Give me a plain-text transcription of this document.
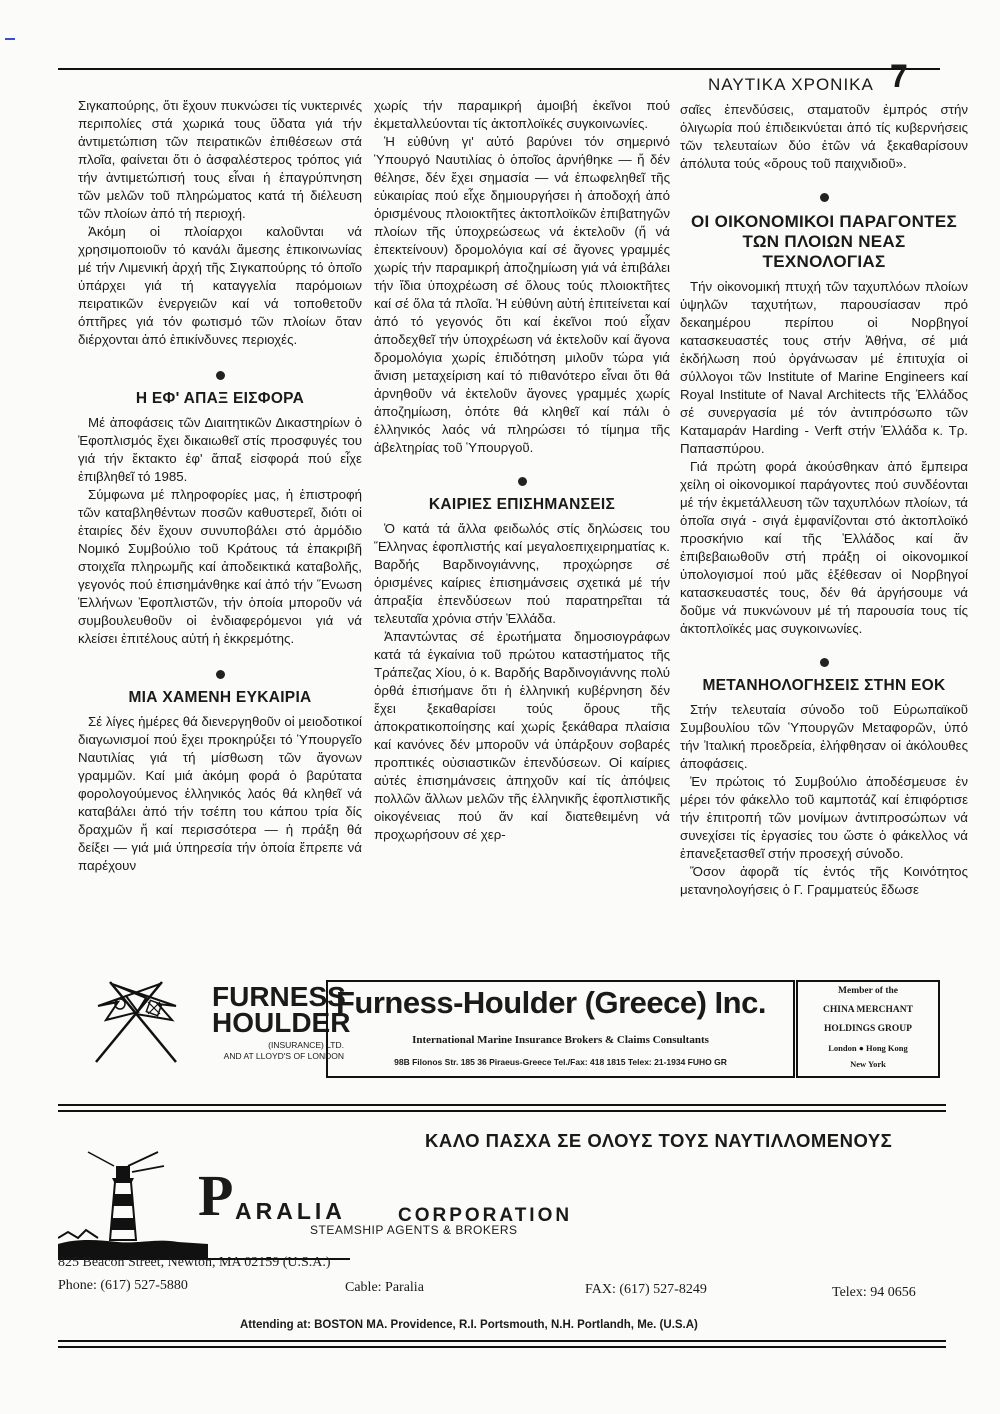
ΝΑΥΤΙΚΑ ΧΡΟΝΙΚΑ 7

Σιγκαπούρης, ὅτι ἔχουν πυκνώσει τίς νυκτερινές περιπολίες στά χωρικά τους ὕδατα γιά τήν ἀντιμετώπιση τῶν πειρατικῶν ἐπιθέσεων στά πλοῖα, φαίνεται ὅτι ὁ ἀσφαλέστερος τρόπος γιά τήν ἀντιμετώπισή τους εἶναι ἡ ἐπαγρύπνηση τῶν μελῶν τοῦ πληρώματος κατά τή διέλευση τῶν πλοίων ἀπό τή περιοχή.

Ἀκόμη οἱ πλοίαρχοι καλοῦνται νά χρησιμοποιοῦν τό κανάλι ἄμεσης ἐπικοινωνίας μέ τήν Λιμενική ἀρχή τῆς Σιγκαπούρης τό ὁποῖο ὑπάρχει γιά τή καταγγελία παρόμοιων πειρατικῶν ἐνεργειῶν καί νά τοποθετοῦν όπτῆρες γιά τόν φωτισμό τῶν πλοίων ὅταν διέρχονται ἀπό ἐπικίνδυνες περιοχές.

Η ΕΦ' ΑΠΑΞ ΕΙΣΦΟΡΑ

Μέ ἀποφάσεις τῶν Διαιτητικῶν Δικαστηρίων ὁ Ἐφοπλισμός ἔχει δικαιωθεῖ στίς προσφυγές του γιά τήν ἔκτακτο ἐφ' ἅπαξ εἰσφορά πού εἶχε ἐπιβληθεῖ τό 1985.

Σύμφωνα μέ πληροφορίες μας, ἡ ἐπιστροφή τῶν καταβληθέντων ποσῶν καθυστερεῖ, διότι οἱ ἑταιρίες δέν ἔχουν συνυποβάλει στό ἁρμόδιο Νομικό Συμβούλιο τοῦ Κράτους τά ἐπακριβῆ στοιχεῖα πληρωμῆς καί ἀποδεικτικά καταβολῆς, γεγονός πού ἐπισημάνθηκε καί ἀπό τήν Ἕνωση Ἑλλήνων Ἐφοπλιστῶν, τήν ὁποία μποροῦν νά συμβουλευθοῦν οἱ ἐνδιαφερόμενοι γιά νά κλείσει ἐπιτέλους αὐτή ἡ ἐκκρεμότης.

ΜΙΑ ΧΑΜΕΝΗ ΕΥΚΑΙΡΙΑ

Σέ λίγες ἡμέρες θά διενεργηθοῦν οἱ μειοδοτικοί διαγωνισμοί πού ἔχει προκηρύξει τό Ὑπουργεῖο Ναυτιλίας γιά τή μίσθωση τῶν ἄγονων γραμμῶν. Καί μιά ἀκόμη φορά ὁ βαρύτατα φορολογούμενος ἑλληνικός λαός θά κληθεῖ νά καταβάλει ἀπό τήν τσέπη του κάπου τρία δίς δραχμῶν ἤ καί περισσότερα — ἡ πράξη θά δείξει — γιά μιά ὑπηρεσία τήν ὁποία ἔπρεπε νά παρέχουν

χωρίς τήν παραμικρή ἀμοιβή ἐκεῖνοι πού ἐκμεταλλεύονται τίς ἀκτοπλοϊκές συγκοινωνίες.

Ἡ εὐθύνη γι' αὐτό βαρύνει τόν σημερινό Ὑπουργό Ναυτιλίας ὁ ὁποῖος ἀρνήθηκε — ἤ δέν θέλησε, δέν ἔχει σημασία — νά ἐπωφεληθεῖ τῆς εὐκαιρίας πού εἶχε δημιουργήσει ἡ ἀποδοχή ἀπό ὁρισμένους πλοιοκτῆτες ἀκτοπλοϊκῶν ἐπιβατηγῶν πλοίων τῆς ὑποχρεώσεως νά ἐκτελοῦν (ἤ νά ἐπεκτείνουν) δρομολόγια καί σέ ἄγονες γραμμές χωρίς τήν παραμικρή ἀποζημίωση γιά νά ἐπιβάλει τήν ἴδια ὑποχρέωση σέ ὅλους τούς πλοιοκτῆτες καί σέ ὅλα τά πλοῖα. Ἡ εὐθύνη αὐτή ἐπιτείνεται καί ἀπό τό γεγονός ὅτι καί ἐκεῖνοι πού εἶχαν ἀποδεχθεῖ τήν ὑποχρέωση νά ἐκτελοῦν καί ἄγονα δρομολόγια χωρίς ἐπιδότηση μιλοῦν τώρα γιά ἄνιση μεταχείριση καί τό πιθανότερο εἶναι ὅτι θά ἀρνηθοῦν νά ἐκτελοῦν ἄγονες γραμμές χωρίς ἀποζημίωση, ὁπότε θά κληθεῖ καί πάλι ὁ ἑλληνικός λαός νά πληρώσει τό τίμημα τῆς ἀβελτηρίας τοῦ Ὑπουργοῦ.

ΚΑΙΡΙΕΣ ΕΠΙΣΗΜΑΝΣΕΙΣ

Ὁ κατά τά ἄλλα φειδωλός στίς δηλώσεις του Ἕλληνας ἐφοπλιστής καί μεγαλοεπιχειρηματίας κ. Βαρδής Βαρδινογιάννης, προχώρησε σέ ὁρισμένες καίριες ἐπισημάνσεις σχετικά μέ τήν ἀπραξία ἐπενδύσεων πού παρατηρεῖται τά τελευταῖα χρόνια στήν Ἑλλάδα.

Ἀπαντώντας σέ ἐρωτήματα δημοσιογράφων κατά τά ἐγκαίνια τοῦ πρώτου καταστήματος τῆς Τράπεζας Χίου, ὁ κ. Βαρδής Βαρδινογιάννης πολύ ὀρθά ἐπισήμανε ὅτι ἡ ἑλληνική κυβέρνηση δέν ἔχει ξεκαθαρίσει τούς ὅρους τῆς ἀποκρατικοποίησης καί χωρίς ξεκάθαρα πλαίσια καί κανόνες δέν μποροῦν νά ὑπάρξουν σοβαρές προπτικές οὐσιαστικῶν ἐπενδύσεων. Οἱ καίριες αὐτές ἐπισημάνσεις ἀπηχοῦν καί τίς ἀπόψεις πολλῶν ἄλλων μελῶν τῆς ἑλληνικῆς ἐφοπλιστικῆς οἰκογένειας πού ἄν καί διατεθειμένη νά προχωρήσουν σέ χερ-

σαῖες ἐπενδύσεις, σταματοῦν ἐμπρός στήν ὀλιγωρία πού ἐπιδεικνύεται ἀπό τίς κυβερνήσεις τῶν τελευταίων δύο ἐτῶν νά ξεκαθαρίσουν ἀπόλυτα τούς «ὅρους τοῦ παιχνιδιοῦ».

ΟΙ ΟΙΚΟΝΟΜΙΚΟΙ ΠΑΡΑΓΟΝΤΕΣ ΤΩΝ ΠΛΟΙΩΝ ΝΕΑΣ ΤΕΧΝΟΛΟΓΙΑΣ

Τήν οἰκονομική πτυχή τῶν ταχυπλόων πλοίων ὑψηλῶν ταχυτήτων, παρουσίασαν πρό δεκαημέρου περίπου οἱ Νορβηγοί κατασκευαστές τους στήν Ἀθήνα, σέ μιά ἐκδήλωση πού ὀργάνωσαν μέ ἐπιτυχία οἱ σύλλογοι τῶν Institute of Marine Engineers καί Royal Institute of Naval Architects τῆς Ἑλλάδος σέ συνεργασία μέ τόν ἀντιπρόσωπο τῶν Καταμαράν Harding - Verft στήν Ἑλλάδα κ. Τρ. Παπασπύρου.

Γιά πρώτη φορά ἀκούσθηκαν ἀπό ἔμπειρα χείλη οἱ οἰκονομικοί παράγοντες πού συνδέονται μέ τήν ἐκμετάλλευση τῶν ταχυπλόων πλοίων, τά ὁποῖα σιγά - σιγά ἐμφανίζονται στό ἀκτοπλοϊκό προσκήνιο καί τῆς Ἑλλάδος καί ἄν ἐπιβεβαιωθοῦν στή πράξη οἱ οἰκονομικοί ὑπολογισμοί πού μᾶς ἐξέθεσαν οἱ Νορβηγοί κατασκευαστές τους, δέν θά ἀργήσουμε νά δοῦμε νά πυκνώνουν μέ τή παρουσία τους τίς ἀκτοπλοϊκές μας συγκοινωνίες.

ΜΕΤΑΝΗΟΛΟΓΗΣΕΙΣ ΣΤΗΝ ΕΟΚ

Στήν τελευταία σύνοδο τοῦ Εὐρωπαϊκοῦ Συμβουλίου τῶν Ὑπουργῶν Μεταφορῶν, ὑπό τήν Ἰταλική προεδρεία, ἐλήφθησαν οἱ ἀκόλουθες ἀποφάσεις.

Ἐν πρώτοις τό Συμβούλιο ἀποδέσμευσε ἐν μέρει τόν φάκελλο τοῦ καμποτάζ καί ἐπιφόρτισε τήν ἐπιτροπή τῶν μονίμων ἀντιπροσώπων νά συνεχίσει τίς ἐργασίες του ὥστε ὁ φάκελλος νά ἐπανεξετασθεῖ στήν προσεχή σύνοδο.

Ὅσον ἀφορᾶ τίς ἐντός τῆς Κοινότητος μετανηολογήσεις ὁ Γ. Γραμματεύς ἔδωσε

FURNESS
HOULDER
(INSURANCE) LTD.
AND AT LLOYD'S OF LONDON
Furness-Houlder (Greece) Inc.
International Marine Insurance Brokers & Claims Consultants
98B Filonos Str. 185 36 Piraeus-Greece Tel./Fax: 418 1815 Telex: 21-1934 FUHO GR
Member of the
CHINA MERCHANT
HOLDINGS GROUP
London ● Hong Kong
New York
ΚΑΛΟ ΠΑΣΧΑ ΣΕ ΟΛΟΥΣ ΤΟΥΣ ΝΑΥΤΙΛΛΟΜΕΝΟΥΣ
P ARALIA	CORPORATION
STEAMSHIP AGENTS & BROKERS
825 Beacon Street, Newton, MA 02159 (U.S.A.)
Phone: (617) 527-5880	Cable: Paralia	FAX: (617) 527-8249	Telex: 94 0656
Attending at: BOSTON MA. Providence, R.I. Portsmouth, N.H. Portlandh, Me. (U.S.A)
